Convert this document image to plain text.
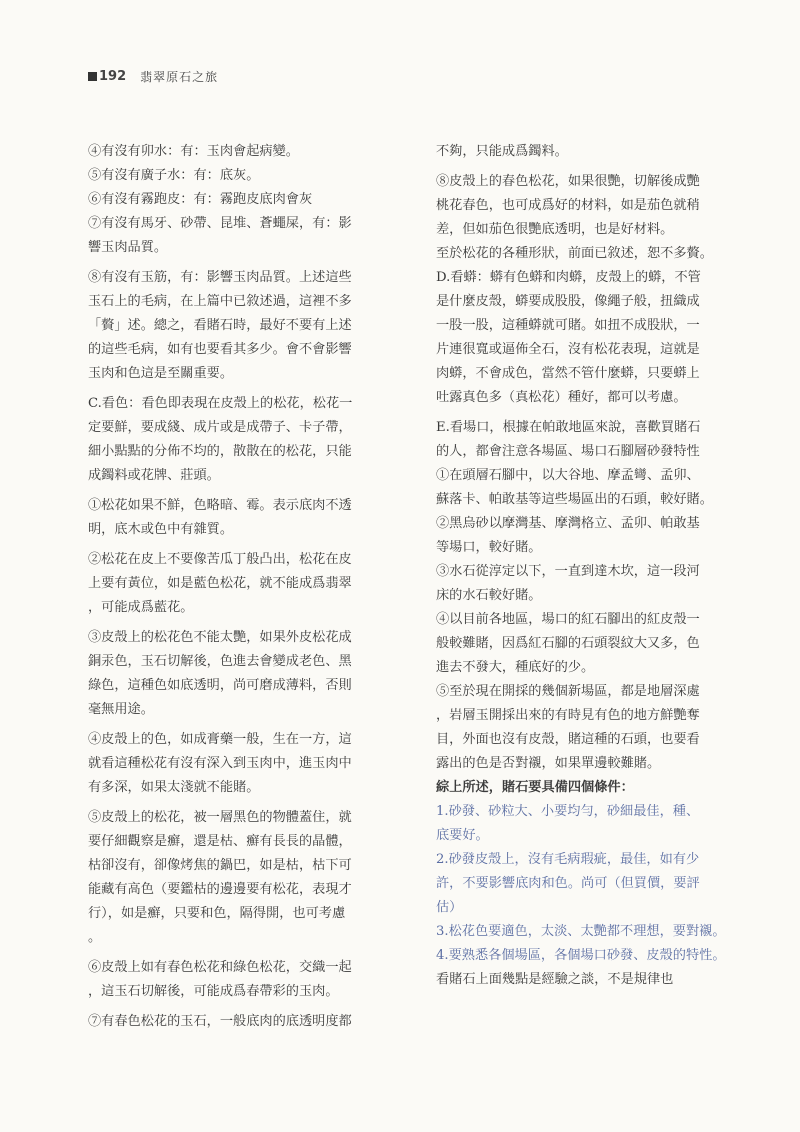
192 翡翠原石之旅

④有沒有卯水：有：玉肉會起病變。

⑤有沒有廣子水：有：底灰。

⑥有沒有霧跑皮：有：霧跑皮底肉會灰

⑦有沒有馬牙、砂帶、昆堆、蒼蠅屎，有：影
響玉肉品質。

⑧有沒有玉筋，有：影響玉肉品質。上述這些
玉石上的毛病，在上篇中已敘述過，這裡不多
「贅」述。總之，看賭石時，最好不要有上述
的這些毛病，如有也要看其多少。會不會影響
玉肉和色這是至關重要。

C.看色：看色即表現在皮殼上的松花，松花一
定要鮮，要成綫、成片或是成帶子、卡子帶，
細小點點的分佈不均的，散散在的松花，只能
成鐲料或花牌、莊頭。

①松花如果不鮮，色略暗、霉。表示底肉不透
明，底木或色中有雜質。

②松花在皮上不要像苦瓜丁般凸出，松花在皮
上要有黃位，如是藍色松花，就不能成爲翡翠
，可能成爲藍花。

③皮殼上的松花色不能太艷，如果外皮松花成
銅汞色，玉石切解後，色進去會變成老色、黑
綠色，這種色如底透明，尚可磨成薄料，否則
毫無用途。

④皮殼上的色，如成膏藥一般，生在一方，這
就看這種松花有沒有深入到玉肉中，進玉肉中
有多深，如果太淺就不能賭。

⑤皮殼上的松花，被一層黑色的物體蓋住，就
要仔細觀察是癬，還是枯、癬有長長的晶體，
枯卻沒有，卻像烤焦的鍋巴，如是枯，枯下可
能藏有高色（要鑑枯的邊邊要有松花，表現才
行），如是癬，只要和色，隔得開，也可考慮
。

⑥皮殼上如有春色松花和綠色松花，交織一起
，這玉石切解後，可能成爲春帶彩的玉肉。

⑦有春色松花的玉石，一般底肉的底透明度都

不夠，只能成爲鐲料。

⑧皮殼上的春色松花，如果很艷，切解後成艷
桃花春色，也可成爲好的材料，如是茄色就稍
差，但如茄色很艷底透明，也是好材料。

至於松花的各種形狀，前面已敘述，恕不多贅。

D.看蟒：蟒有色蟒和肉蟒，皮殼上的蟒，不管
是什麼皮殼，蟒要成股股，像繩子般，扭織成
一股一股，這種蟒就可賭。如扭不成股狀，一
片連很寬或逼佈全石，沒有松花表現，這就是
肉蟒，不會成色，當然不管什麼蟒，只要蟒上
吐露真色多（真松花）種好，都可以考慮。

E.看場口，根據在帕敢地區來說，喜歡買賭石
的人，都會注意各場區、場口石腳層砂發特性

①在頭層石腳中，以大谷地、摩孟彎、孟卯、
蘇落卡、帕敢基等這些場區出的石頭，較好賭。

②黑烏砂以摩灣基、摩灣格立、孟卯、帕敢基
等場口，較好賭。

③水石從淳定以下，一直到達木坎，這一段河
床的水石較好賭。

④以目前各地區，場口的紅石腳出的紅皮殼一
般較難賭，因爲紅石腳的石頭裂紋大又多，色
進去不發大，種底好的少。

⑤至於現在開採的幾個新場區，都是地層深處
，岩層玉開採出來的有時見有色的地方鮮艷奪
目，外面也沒有皮殼，賭這種的石頭，也要看
露出的色是否對襯，如果單邊較難賭。

綜上所述，賭石要具備四個條件：

1.砂發、砂粒大、小要均勻，砂細最佳，種、
底要好。

2.砂發皮殼上，沒有毛病瑕疵，最佳，如有少
許，不要影響底肉和色。尚可（但買價，要評
估）

3.松花色要適色，太淡、太艷都不理想，要對襯。

4.要熟悉各個場區，各個場口砂發、皮殼的特性。

看賭石上面幾點是經驗之談，不是規律也
